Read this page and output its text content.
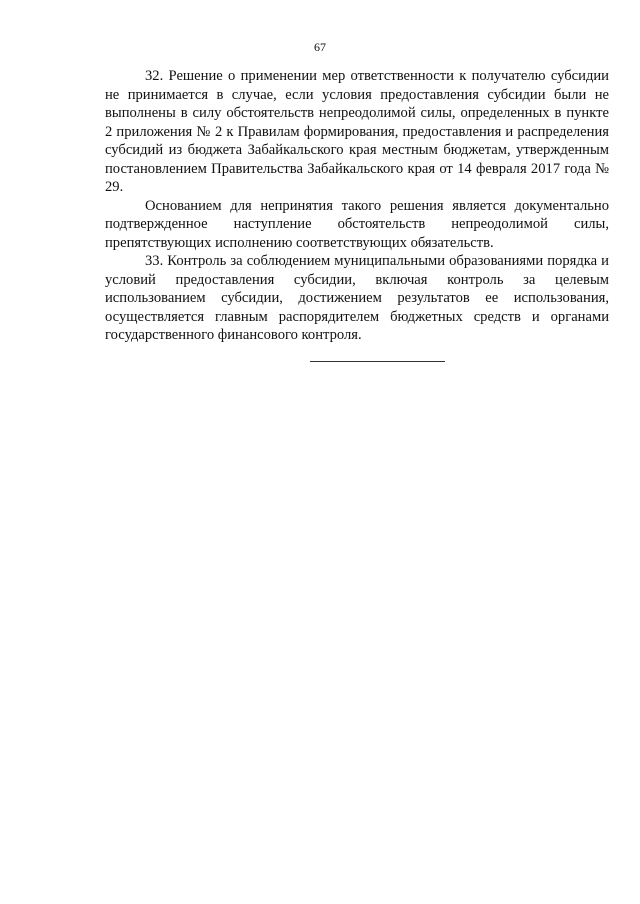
67

32. Решение о применении мер ответственности к получателю субсидии не принимается в случае, если условия предоставления субсидии были не выполнены в силу обстоятельств непреодолимой силы, определенных в пункте 2 приложения № 2 к Правилам формирования, предоставления и распределения субсидий из бюджета Забайкальского края местным бюджетам, утвержденным постановлением Правительства Забайкальского края от 14 февраля 2017 года № 29.

Основанием для непринятия такого решения является документально подтвержденное наступление обстоятельств непреодолимой силы, препятствующих исполнению соответствующих обязательств.

33. Контроль за соблюдением муниципальными образованиями порядка и условий предоставления субсидии, включая контроль за целевым использованием субсидии, достижением результатов ее использования, осуществляется главным распорядителем бюджетных средств и органами государственного финансового контроля.
